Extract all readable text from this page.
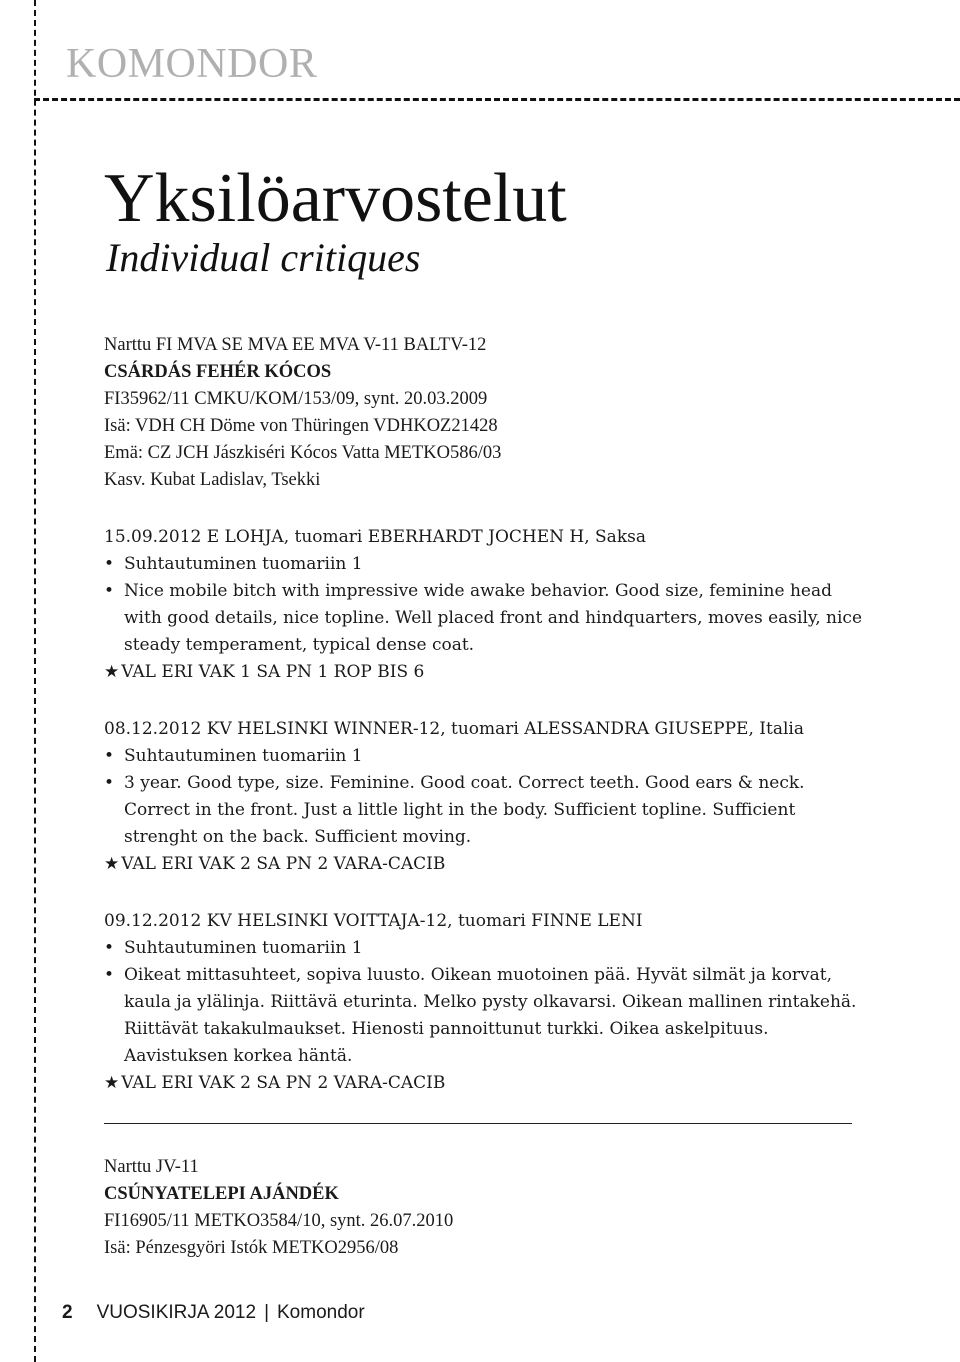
KOMONDOR
Yksilöarvostelut
Individual critiques
Narttu FI MVA SE MVA EE MVA V-11 BALTV-12
CSÁRDÁS FEHÉR KÓCOS
FI35962/11 CMKU/KOM/153/09, synt. 20.03.2009
Isä: VDH CH Döme von Thüringen VDHKOZ21428
Emä: CZ JCH Jászkiséri Kócos Vatta METKO586/03
Kasv. Kubat Ladislav, Tsekki
15.09.2012 E LOHJA, tuomari EBERHARDT JOCHEN H, Saksa
• Suhtautuminen tuomariin 1
• Nice mobile bitch with impressive wide awake behavior. Good size, feminine head with good details, nice topline. Well placed front and hindquarters, moves easily, nice steady temperament, typical dense coat.
★ VAL ERI VAK 1 SA PN 1 ROP BIS 6
08.12.2012 KV HELSINKI WINNER-12, tuomari ALESSANDRA GIUSEPPE, Italia
• Suhtautuminen tuomariin 1
• 3 year. Good type, size. Feminine. Good coat. Correct teeth. Good ears & neck. Correct in the front. Just a little light in the body. Sufficient topline. Sufficient strenght on the back. Sufficient moving.
★ VAL ERI VAK 2 SA PN 2 VARA-CACIB
09.12.2012 KV HELSINKI VOITTAJA-12, tuomari FINNE LENI
• Suhtautuminen tuomariin 1
• Oikeat mittasuhteet, sopiva luusto. Oikean muotoinen pää. Hyvät silmät ja korvat, kaula ja ylälinja. Riittävä eturinta. Melko pysty olkavarsi. Oikean mallinen rintakehä. Riittävät takakulmaukset. Hienosti pannoittunut turkki. Oikea askelpituus. Aavistuksen korkea häntä.
★ VAL ERI VAK 2 SA PN 2 VARA-CACIB
Narttu JV-11
CSÚNYATELEPI AJÁNDÉK
FI16905/11 METKO3584/10, synt. 26.07.2010
Isä: Pénzesgyöri Istók METKO2956/08
2 VUOSIKIRJA 2012 | Komondor
